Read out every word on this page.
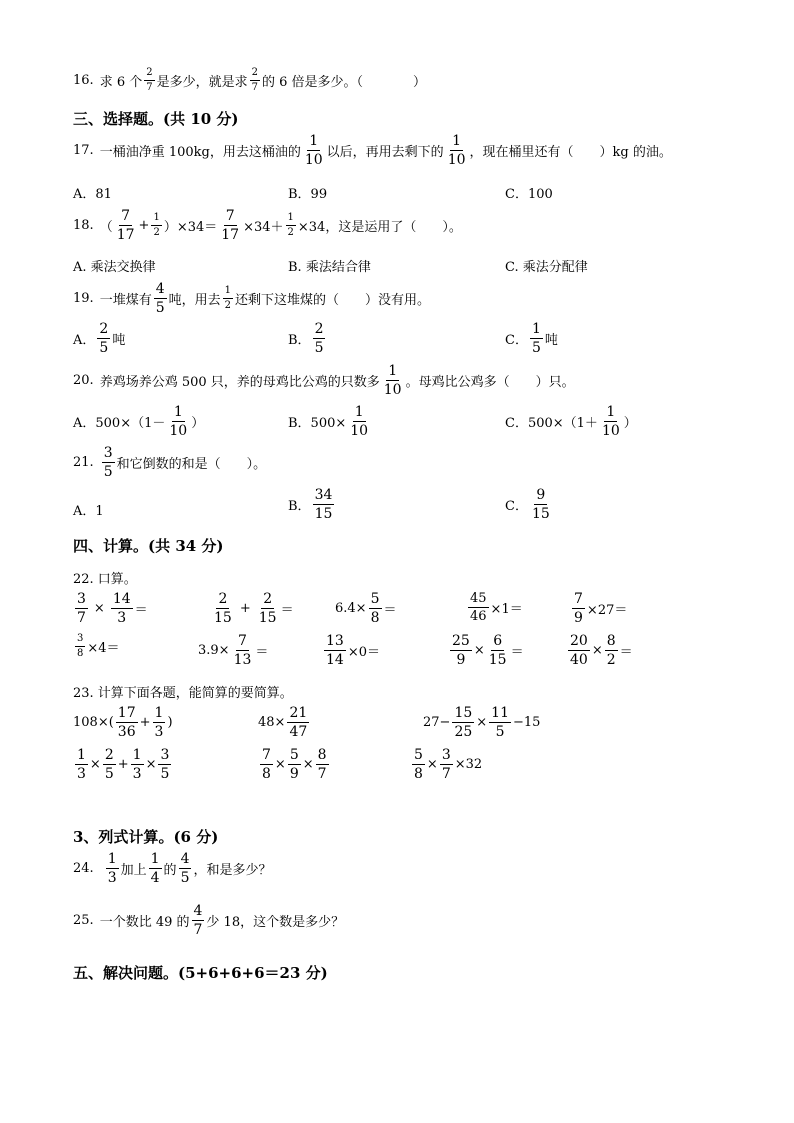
16. 求 6 个 $\frac{2}{7}$ 是多少，就是求 $\frac{2}{7}$ 的 6 倍是多少。（	）
三、选择题。(共 10 分)
17. 一桶油净重 100kg，用去这桶油的 $\frac{1}{10}$ 以后，再用去剩下的 $\frac{1}{10}$ ，现在桶里还有（ ）kg 的油。
A．81	B．99	C．100
18. （ $\frac{7}{17} + \frac{1}{2} )\times 34= \frac{7}{17} \times 34+ \frac{1}{2} \times 34$，这是运用了（ ）。
A. 乘法交换律	B. 乘法结合律	C. 乘法分配律
19. 一堆煤有 $\frac{4}{5}$ 吨，用去 $\frac{1}{2}$ 还剩下这堆煤的（ ）没有用。
A． $\frac{2}{5}$ 吨	B． $\frac{2}{5}$	C． $\frac{1}{5}$ 吨
20. 养鸡场养公鸡 500 只，养的母鸡比公鸡的只数多 $\frac{1}{10}$ 。母鸡比公鸡多（ ）只。
A．$500\times(1- \frac{1}{10}$ ）	B．$500\times \frac{1}{10}$	C．$500\times(1+ \frac{1}{10}$ ）
21. $\frac{3}{5}$ 和它倒数的和是（ ）。
A．1	B． $\frac{34}{15}$	C． $\frac{9}{15}$
四、计算。(共 34 分)
22. 口算。
$\frac{3}{7} \times \frac{14}{3}$ ＝	$\frac{2}{15} + \frac{2}{15}$ ＝	$6.4\times \frac{5}{8}$ ＝	$\frac{45}{46} \times 1=$	$\frac{7}{9} \times 27=$
$\frac{3}{8} \times 4=$	$3.9\times \frac{7}{13}$ ＝	$\frac{13}{14} \times 0=$	$\frac{25}{9} \times \frac{6}{15}$ ＝	$\frac{20}{40} \times \frac{8}{2}$ ＝
23. 计算下面各题，能简算的要简算。
$108\times( \frac{17}{36} + \frac{1}{3}$ )	$48\times \frac{21}{47}$	$27- \frac{15}{25} \times \frac{11}{5} -15$
$\frac{1}{3} \times \frac{2}{5} + \frac{1}{3} \times \frac{3}{5}$	$\frac{7}{8} \times \frac{5}{9} \times \frac{8}{7}$	$\frac{5}{8} \times \frac{3}{7} \times 32$
3、列式计算。(6 分)
24. $\frac{1}{3}$ 加上 $\frac{1}{4}$ 的 $\frac{4}{5}$ ，和是多少？
25. 一个数比 49 的 $\frac{4}{7}$ 少 18，这个数是多少？
五、解决问题。(5+6+6+6＝23 分)
